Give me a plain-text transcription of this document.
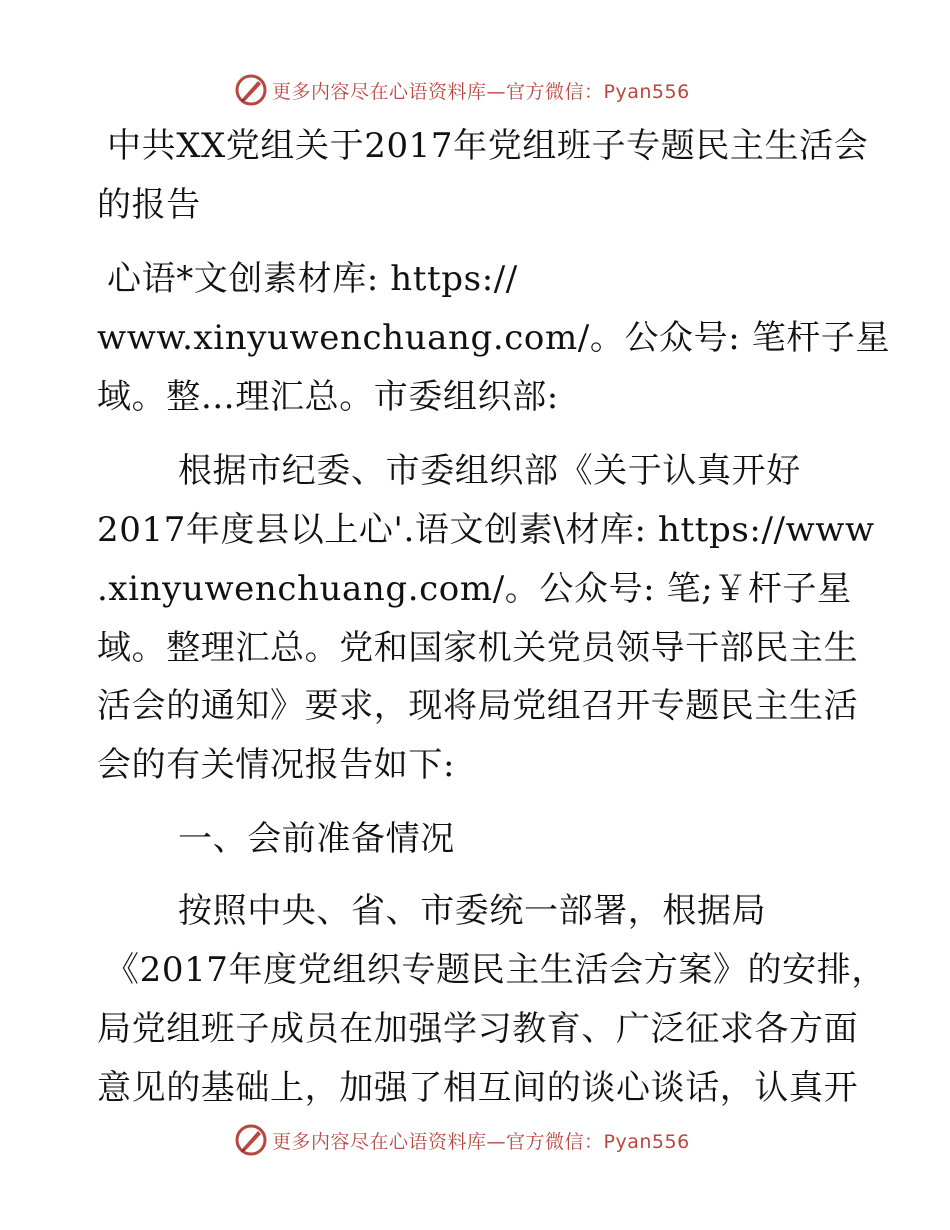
更多内容尽在心语资料库—官方微信：Pyan556
中共XX党组关于2017年党组班子专题民主生活会
的报告
心语*文创素材库: https://
www.xinyuwenchuang.com/。公众号: 笔杆子星
域。整…理汇总。市委组织部:
根据市纪委、市委组织部《关于认真开好
2017年度县以上心'.语文创素\材库: https://www
.xinyuwenchuang.com/。公众号: 笔;￥杆子星
域。整理汇总。党和国家机关党员领导干部民主生
活会的通知》要求，现将局党组召开专题民主生活
会的有关情况报告如下:
一、会前准备情况
按照中央、省、市委统一部署，根据局
《2017年度党组织专题民主生活会方案》的安排，
局党组班子成员在加强学习教育、广泛征求各方面
意见的基础上，加强了相互间的谈心谈话，认真开
更多内容尽在心语资料库—官方微信：Pyan556
